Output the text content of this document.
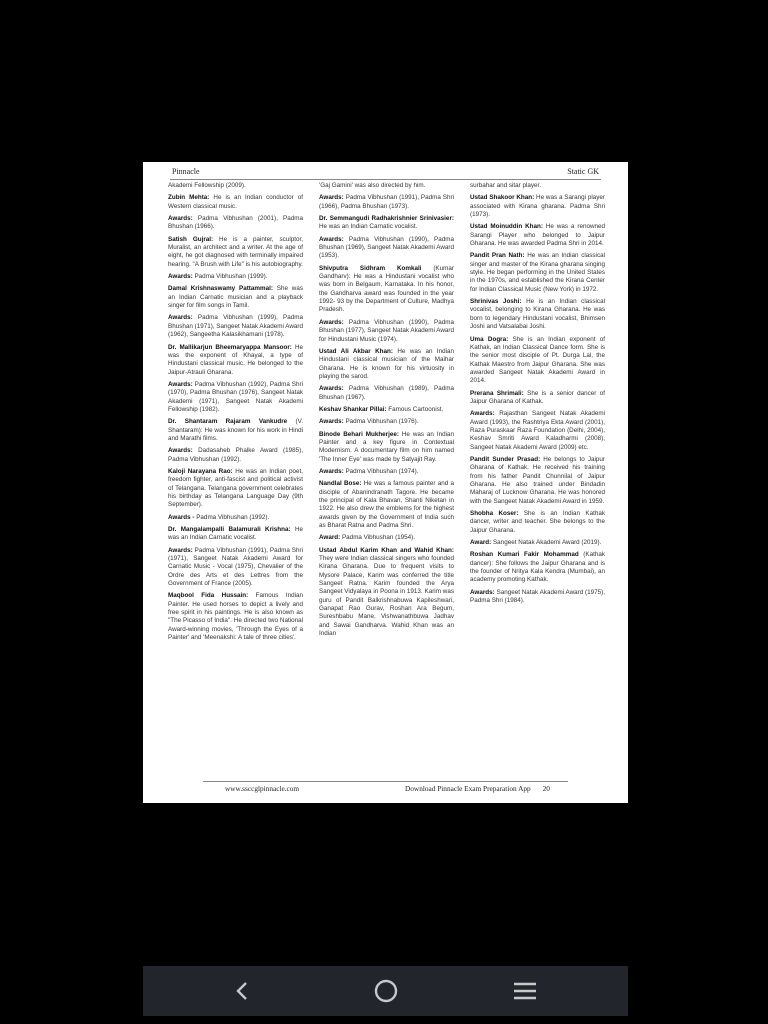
Pinnacle	Static GK

Akademi Fellowship (2009).

Zubin Mehta: He is an Indian conductor of Western classical music.

Awards: Padma Vibhushan (2001), Padma Bhushan (1966).

Satish Gujral: He is a painter, sculptor, Muralist, an architect and a writer. At the age of eight, he got diagnosed with terminally impaired hearing. "A Brush with Life" is his autobiography.

Awards: Padma Vibhushan (1999).

Damal Krishnaswamy Pattammal: She was an Indian Carnatic musician and a playback singer for film songs in Tamil.

Awards: Padma Vibhushan (1999), Padma Bhushan (1971), Sangeet Natak Akademi Award (1962), Sangeetha Kalasikhamani (1978).

Dr. Mallikarjun Bheemaryappa Mansoor: He was the exponent of Khayal, a type of Hindustani classical music. He belonged to the Jaipur-Atrauli Gharana.

Awards: Padma Vibhushan (1992), Padma Shri (1970), Padma Bhushan (1976), Sangeet Natak Akademi (1971), Sangeet Natak Akademi Fellowship (1982).

Dr. Shantaram Rajaram Vankudre (V. Shantaram): He was known for his work in Hindi and Marathi films.

Awards: Dadasaheb Phalke Award (1985), Padma Vibhushan (1992).

Kaloji Narayana Rao: He was an Indian poet, freedom fighter, anti-fascist and political activist of Telangana. Telangana government celebrates his birthday as Telangana Language Day (9th September).

Awards - Padma Vibhushan (1992).

Dr. Mangalampalli Balamurali Krishna: He was an Indian Carnatic vocalist.

Awards: Padma Vibhushan (1991), Padma Shri (1971), Sangeet Natak Akademi Award for Carnatic Music - Vocal (1975), Chevalier of the Ordre des Arts et des Lettres from the Government of France (2005).

Maqbool Fida Hussain: Famous Indian Painter. He used horses to depict a lively and free spirit in his paintings. He is also known as "The Picasso of India". He directed two National Award-winning movies, 'Through the Eyes of a Painter' and 'Meenakshi: A tale of three cities'.

'Gaj Gamini' was also directed by him.

Awards: Padma Vibhushan (1991), Padma Shri (1966), Padma Bhushan (1973).

Dr. Semmangudi Radhakrishnier Srinivasier: He was an Indian Carnatic vocalist.

Awards: Padma Vibhushan (1990), Padma Bhushan (1969), Sangeet Natak Akademi Award (1953).

Shivputra Sidhram Komkali (Kumar Gandharv): He was a Hindustani vocalist who was born in Belgaum, Karnataka. In his honor, the Gandharva award was founded in the year 1992- 93 by the Department of Culture, Madhya Pradesh.

Awards: Padma Vibhushan (1990), Padma Bhushan (1977), Sangeet Natak Akademi Award for Hindustani Music (1974).

Ustad Ali Akbar Khan: He was an Indian Hindustani classical musician of the Maihar Gharana. He is known for his virtuosity in playing the sarod.

Awards: Padma Vibhushan (1989), Padma Bhushan (1967).

Keshav Shankar Pillai: Famous Cartoonist.

Awards: Padma Vibhushan (1976).

Binode Behari Mukherjee: He was an Indian Painter and a key figure in Contextual Modernism. A documentary film on him named 'The Inner Eye' was made by Satyajit Ray.

Awards: Padma Vibhushan (1974).

Nandlal Bose: He was a famous painter and a disciple of Abanindranath Tagore. He became the principal of Kala Bhavan, Shanti Niketan in 1922. He also drew the emblems for the highest awards given by the Government of India such as Bharat Ratna and Padma Shri.

Award: Padma Vibhushan (1954).

Ustad Abdul Karim Khan and Wahid Khan: They were Indian classical singers who founded Kirana Gharana. Due to frequent visits to Mysore Palace, Karim was conferred the title Sangeet Ratna. Karim founded the Arya Sangeet Vidyalaya in Poona in 1913. Karim was guru of Pandit Balkrishnabuwa Kapileshwari, Ganapat Rao Gurav, Roshan Ara Begum, Sureshbabu Mane, Vishwanathbuwa Jadhav and Sawai Gandharva. Wahid Khan was an Indian

surbahar and sitar player.

Ustad Shakoor Khan: He was a Sarangi player associated with Kirana gharana. Padma Shri (1973).

Ustad Moinuddin Khan: He was a renowned Sarangi Player who belonged to Jaipur Gharana. He was awarded Padma Shri in 2014.

Pandit Pran Nath: He was an Indian classical singer and master of the Kirana gharana singing style. He began performing in the United States in the 1970s, and established the Kirana Center for Indian Classical Music (New York) in 1972.

Shrinivas Joshi: He is an Indian classical vocalist, belonging to Kirana Gharana. He was born to legendary Hindustani vocalist, Bhimsen Joshi and Vatsalabai Joshi.

Uma Dogra: She is an Indian exponent of Kathak, an Indian Classical Dance form. She is the senior most disciple of Pt. Durga Lal, the Kathak Maestro from Jaipur Gharana. She was awarded Sangeet Natak Akademi Award in 2014.

Prerana Shrimali: She is a senior dancer of Jaipur Gharana of Kathak.

Awards: Rajasthan Sangeet Natak Akademi Award (1993), the Rashtriya Ekta Award (2001), Raza Puraskaar Raza Foundation (Delhi, 2004), Keshav Smriti Award Kaladharmi (2008), Sangeet Natak Akademi Award (2009) etc.

Pandit Sunder Prasad: He belongs to Jaipur Gharana of Kathak. He received his training from his father Pandit Chunnilal of Jaipur Gharana. He also trained under Bindadin Maharaj of Lucknow Gharana. He was honored with the Sangeet Natak Akademi Award in 1959.

Shobha Koser: She is an Indian Kathak dancer, writer and teacher. She belongs to the Jaipur Gharana.

Award: Sangeet Natak Akademi Award (2019).

Roshan Kumari Fakir Mohammad (Kathak dancer): She follows the Jaipur Gharana and is the founder of Nritya Kala Kendra (Mumbai), an academy promoting Kathak.

Awards: Sangeet Natak Akademi Award (1975), Padma Shri (1984).

www.ssccglpinnacle.com	Download Pinnacle Exam Preparation App 20
